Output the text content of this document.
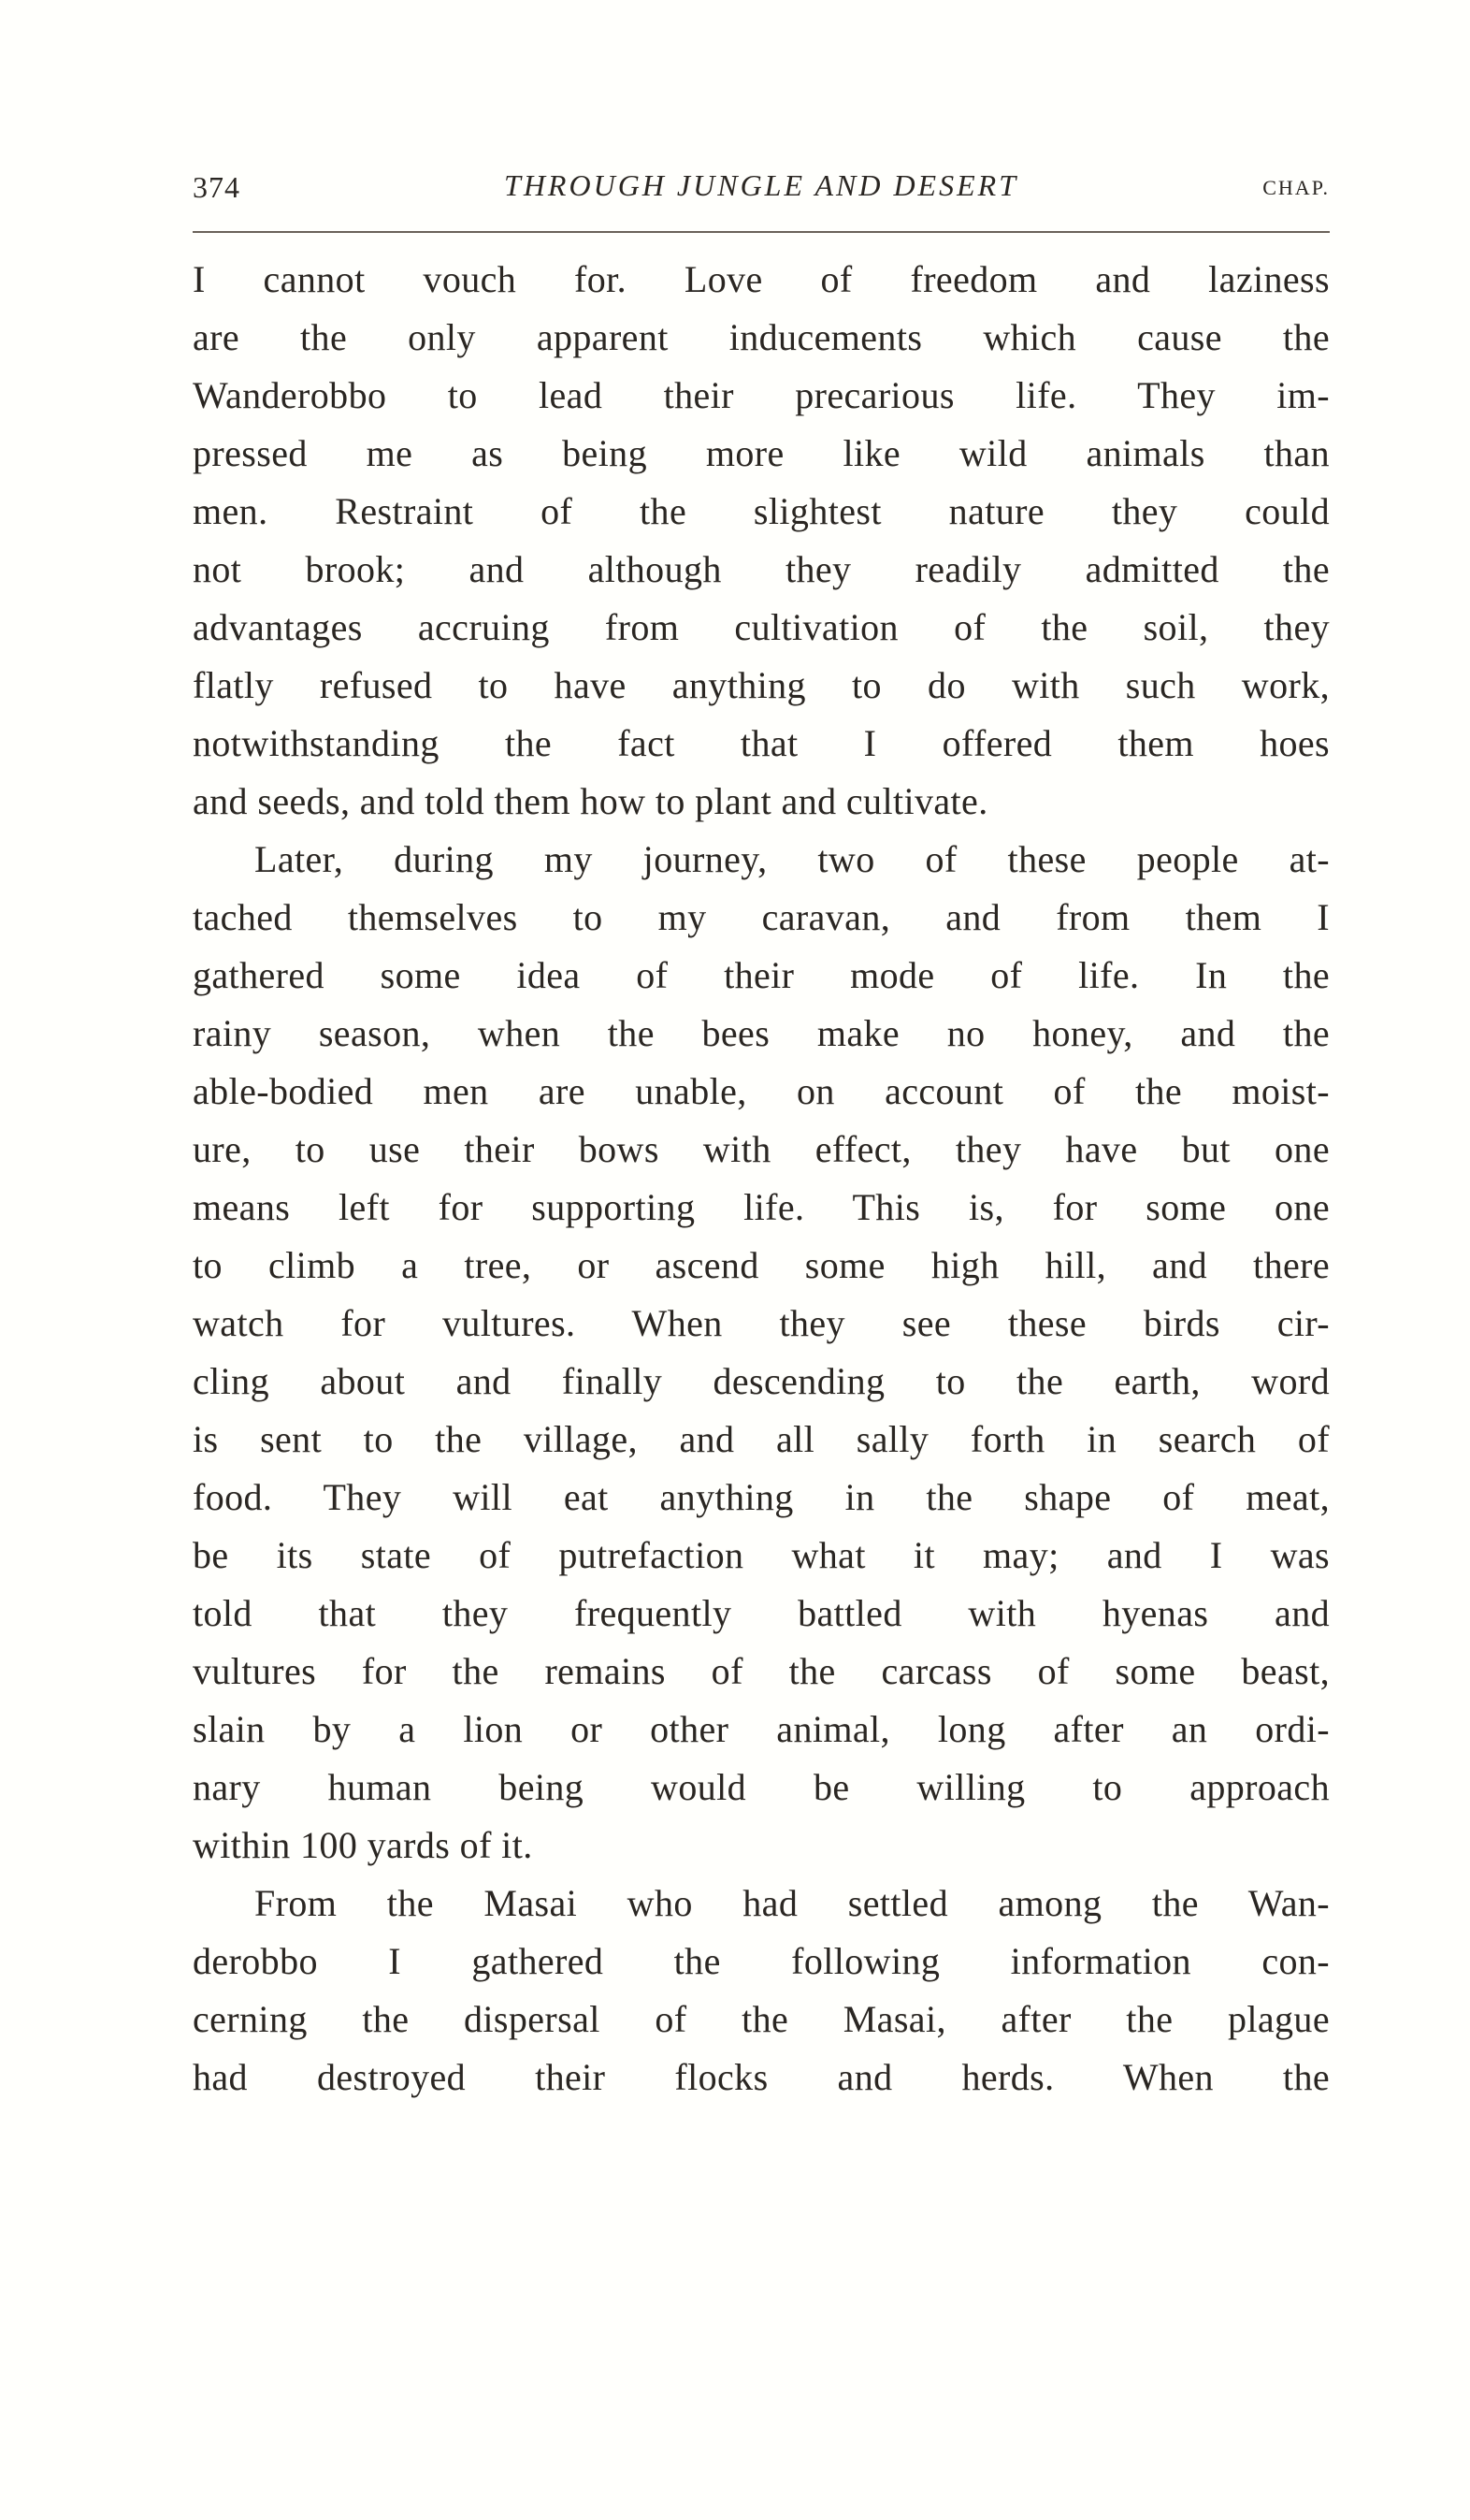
374	THROUGH JUNGLE AND DESERT	CHAP.
I cannot vouch for. Love of freedom and laziness
are the only apparent inducements which cause the
Wanderobbo to lead their precarious life. They im-
pressed me as being more like wild animals than
men. Restraint of the slightest nature they could
not brook; and although they readily admitted the
advantages accruing from cultivation of the soil, they
flatly refused to have anything to do with such work,
notwithstanding the fact that I offered them hoes
and seeds, and told them how to plant and cultivate.
Later, during my journey, two of these people at-
tached themselves to my caravan, and from them I
gathered some idea of their mode of life. In the
rainy season, when the bees make no honey, and the
able-bodied men are unable, on account of the moist-
ure, to use their bows with effect, they have but one
means left for supporting life. This is, for some one
to climb a tree, or ascend some high hill, and there
watch for vultures. When they see these birds cir-
cling about and finally descending to the earth, word
is sent to the village, and all sally forth in search of
food. They will eat anything in the shape of meat,
be its state of putrefaction what it may; and I was
told that they frequently battled with hyenas and
vultures for the remains of the carcass of some beast,
slain by a lion or other animal, long after an ordi-
nary human being would be willing to approach
within 100 yards of it.
From the Masai who had settled among the Wan-
derobbo I gathered the following information con-
cerning the dispersal of the Masai, after the plague
had destroyed their flocks and herds. When the
